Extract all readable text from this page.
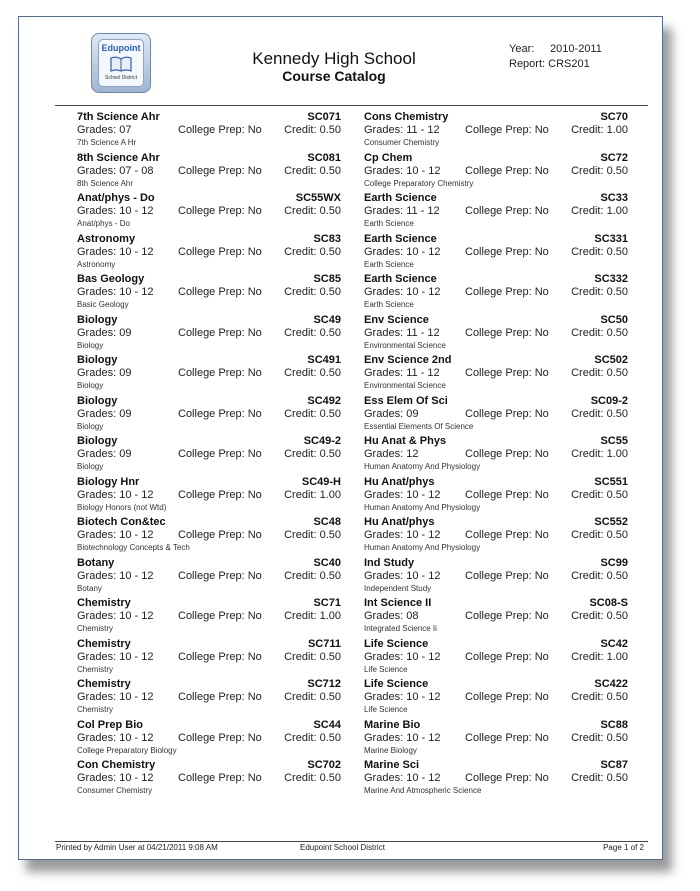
Edupoint
School District
Kennedy High School
Course Catalog
Year: 2010-2011
Report: CRS201
7th Science Ahr	SC071
Grades: 07	College Prep: No Credit: 0.50
7th Science A Hr
8th Science Ahr	SC081
Grades: 07 - 08 College Prep: No Credit: 0.50
8th Science Ahr
Anat/phys - Do	SC55WX
Grades: 10 - 12 College Prep: No Credit: 0.50
Anat/phys - Do
Astronomy	SC83
Grades: 10 - 12 College Prep: No Credit: 0.50
Astronomy
Bas Geology	SC85
Grades: 10 - 12 College Prep: No Credit: 0.50
Basic Geology
Biology	SC49
Grades: 09	College Prep: No Credit: 0.50
Biology
Biology	SC491
Grades: 09	College Prep: No Credit: 0.50
Biology
Biology	SC492
Grades: 09	College Prep: No Credit: 0.50
Biology
Biology	SC49-2
Grades: 09	College Prep: No Credit: 0.50
Biology
Biology Hnr	SC49-H
Grades: 10 - 12 College Prep: No Credit: 1.00
Biology Honors (not Wtd)
Biotech Con&tec	SC48
Grades: 10 - 12 College Prep: No Credit: 0.50
Biotechnology Concepts & Tech
Botany	SC40
Grades: 10 - 12 College Prep: No Credit: 0.50
Botany
Chemistry	SC71
Grades: 10 - 12 College Prep: No Credit: 1.00
Chemistry
Chemistry	SC711
Grades: 10 - 12 College Prep: No Credit: 0.50
Chemistry
Chemistry	SC712
Grades: 10 - 12 College Prep: No Credit: 0.50
Chemistry
Col Prep Bio	SC44
Grades: 10 - 12 College Prep: No Credit: 0.50
College Preparatory Biology
Con Chemistry	SC702
Grades: 10 - 12 College Prep: No Credit: 0.50
Consumer Chemistry
Cons Chemistry	SC70
Grades: 11 - 12 College Prep: No Credit: 1.00
Consumer Chemistry
Cp Chem	SC72
Grades: 10 - 12 College Prep: No Credit: 0.50
College Preparatory Chemistry
Earth Science	SC33
Grades: 11 - 12 College Prep: No Credit: 1.00
Earth Science
Earth Science	SC331
Grades: 10 - 12 College Prep: No Credit: 0.50
Earth Science
Earth Science	SC332
Grades: 10 - 12 College Prep: No Credit: 0.50
Earth Science
Env Science	SC50
Grades: 11 - 12 College Prep: No Credit: 0.50
Environmental Science
Env Science 2nd	SC502
Grades: 11 - 12 College Prep: No Credit: 0.50
Environmental Science
Ess Elem Of Sci	SC09-2
Grades: 09	College Prep: No Credit: 0.50
Essential Elements Of Science
Hu Anat & Phys	SC55
Grades: 12	College Prep: No Credit: 1.00
Human Anatomy And Physiology
Hu Anat/phys	SC551
Grades: 10 - 12 College Prep: No Credit: 0.50
Human Anatomy And Physiology
Hu Anat/phys	SC552
Grades: 10 - 12 College Prep: No Credit: 0.50
Human Anatomy And Physiology
Ind Study	SC99
Grades: 10 - 12 College Prep: No Credit: 0.50
Independent Study
Int Science II	SC08-S
Grades: 08	College Prep: No Credit: 0.50
Integrated Science Ii
Life Science	SC42
Grades: 10 - 12 College Prep: No Credit: 1.00
Life Science
Life Science	SC422
Grades: 10 - 12 College Prep: No Credit: 0.50
Life Science
Marine Bio	SC88
Grades: 10 - 12 College Prep: No Credit: 0.50
Marine Biology
Marine Sci	SC87
Grades: 10 - 12 College Prep: No Credit: 0.50
Marine And Atmospheric Science
Printed by Admin User at 04/21/2011 9:08 AM	Edupoint School District	Page 1 of 2
